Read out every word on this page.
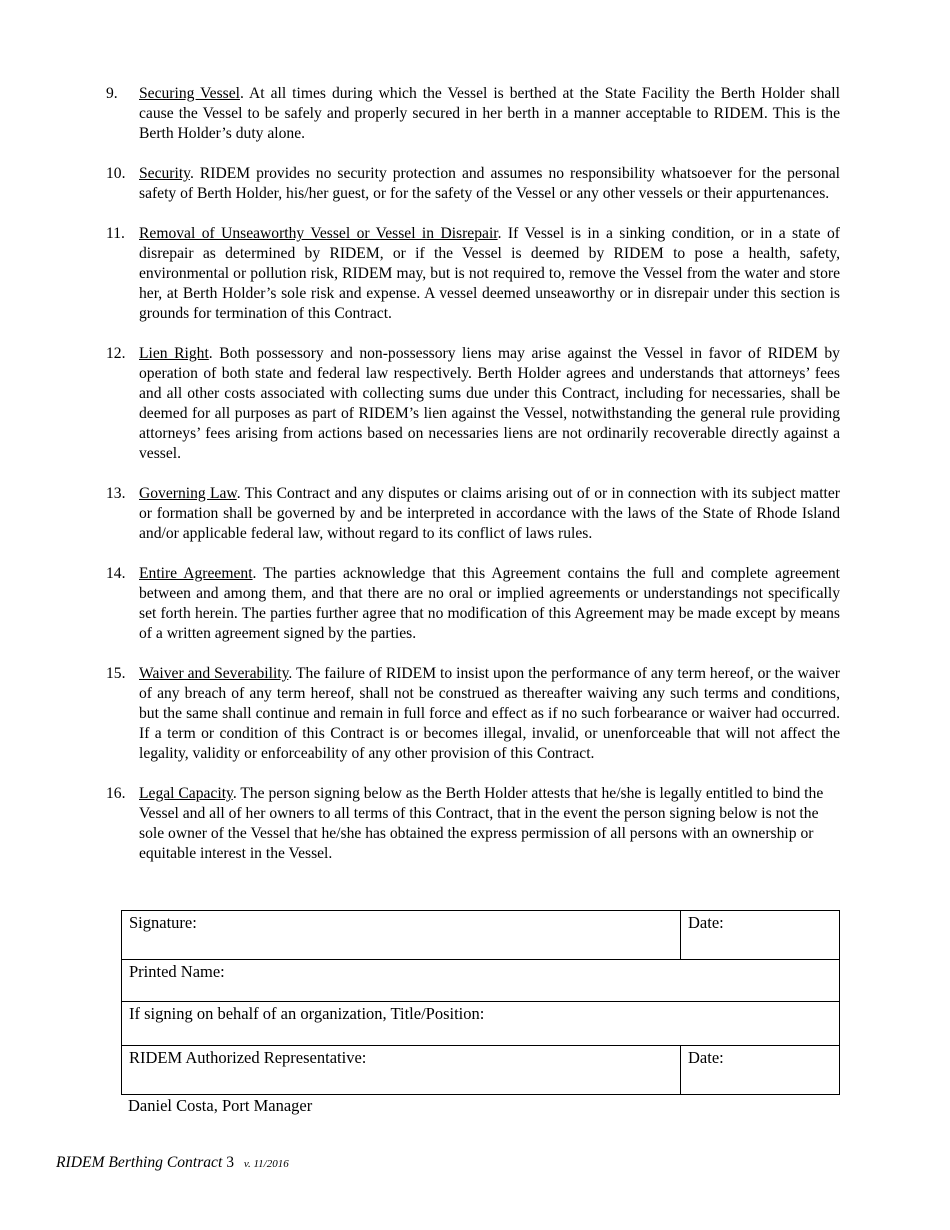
9.	Securing Vessel. At all times during which the Vessel is berthed at the State Facility the Berth Holder shall cause the Vessel to be safely and properly secured in her berth in a manner acceptable to RIDEM. This is the Berth Holder’s duty alone.
10. Security. RIDEM provides no security protection and assumes no responsibility whatsoever for the personal safety of Berth Holder, his/her guest, or for the safety of the Vessel or any other vessels or their appurtenances.
11. Removal of Unseaworthy Vessel or Vessel in Disrepair. If Vessel is in a sinking condition, or in a state of disrepair as determined by RIDEM, or if the Vessel is deemed by RIDEM to pose a health, safety, environmental or pollution risk, RIDEM may, but is not required to, remove the Vessel from the water and store her, at Berth Holder’s sole risk and expense. A vessel deemed unseaworthy or in disrepair under this section is grounds for termination of this Contract.
12. Lien Right. Both possessory and non-possessory liens may arise against the Vessel in favor of RIDEM by operation of both state and federal law respectively. Berth Holder agrees and understands that attorneys’ fees and all other costs associated with collecting sums due under this Contract, including for necessaries, shall be deemed for all purposes as part of RIDEM’s lien against the Vessel, notwithstanding the general rule providing attorneys’ fees arising from actions based on necessaries liens are not ordinarily recoverable directly against a vessel.
13. Governing Law. This Contract and any disputes or claims arising out of or in connection with its subject matter or formation shall be governed by and be interpreted in accordance with the laws of the State of Rhode Island and/or applicable federal law, without regard to its conflict of laws rules.
14. Entire Agreement. The parties acknowledge that this Agreement contains the full and complete agreement between and among them, and that there are no oral or implied agreements or understandings not specifically set forth herein. The parties further agree that no modification of this Agreement may be made except by means of a written agreement signed by the parties.
15. Waiver and Severability. The failure of RIDEM to insist upon the performance of any term hereof, or the waiver of any breach of any term hereof, shall not be construed as thereafter waiving any such terms and conditions, but the same shall continue and remain in full force and effect as if no such forbearance or waiver had occurred. If a term or condition of this Contract is or becomes illegal, invalid, or unenforceable that will not affect the legality, validity or enforceability of any other provision of this Contract.
16. Legal Capacity. The person signing below as the Berth Holder attests that he/she is legally entitled to bind the Vessel and all of her owners to all terms of this Contract, that in the event the person signing below is not the sole owner of the Vessel that he/she has obtained the express permission of all persons with an ownership or equitable interest in the Vessel.
Signature:	Date:
Printed Name:	
If signing on behalf of an organization, Title/Position:	
RIDEM Authorized Representative:	Date:
Daniel Costa, Port Manager
RIDEM Berthing Contract 3 v. 11/2016
